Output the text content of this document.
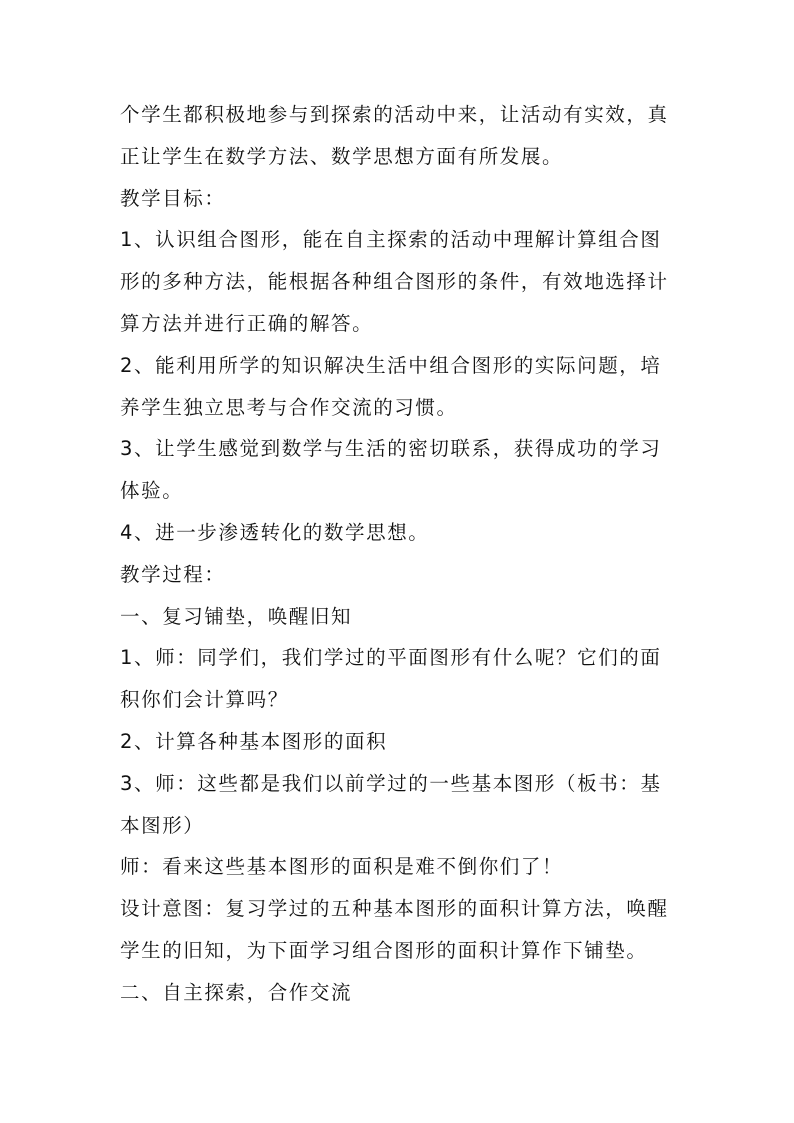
个学生都积极地参与到探索的活动中来，让活动有实效，真
正让学生在数学方法、数学思想方面有所发展。
教学目标：
1、认识组合图形，能在自主探索的活动中理解计算组合图
形的多种方法，能根据各种组合图形的条件，有效地选择计
算方法并进行正确的解答。
2、能利用所学的知识解决生活中组合图形的实际问题，培
养学生独立思考与合作交流的习惯。
3、让学生感觉到数学与生活的密切联系，获得成功的学习
体验。
4、进一步渗透转化的数学思想。
教学过程：
一、复习铺垫，唤醒旧知
1、师：同学们，我们学过的平面图形有什么呢？它们的面
积你们会计算吗？
2、计算各种基本图形的面积
3、师：这些都是我们以前学过的一些基本图形（板书：基
本图形）
师：看来这些基本图形的面积是难不倒你们了！
设计意图：复习学过的五种基本图形的面积计算方法，唤醒
学生的旧知，为下面学习组合图形的面积计算作下铺垫。
二、自主探索，合作交流
